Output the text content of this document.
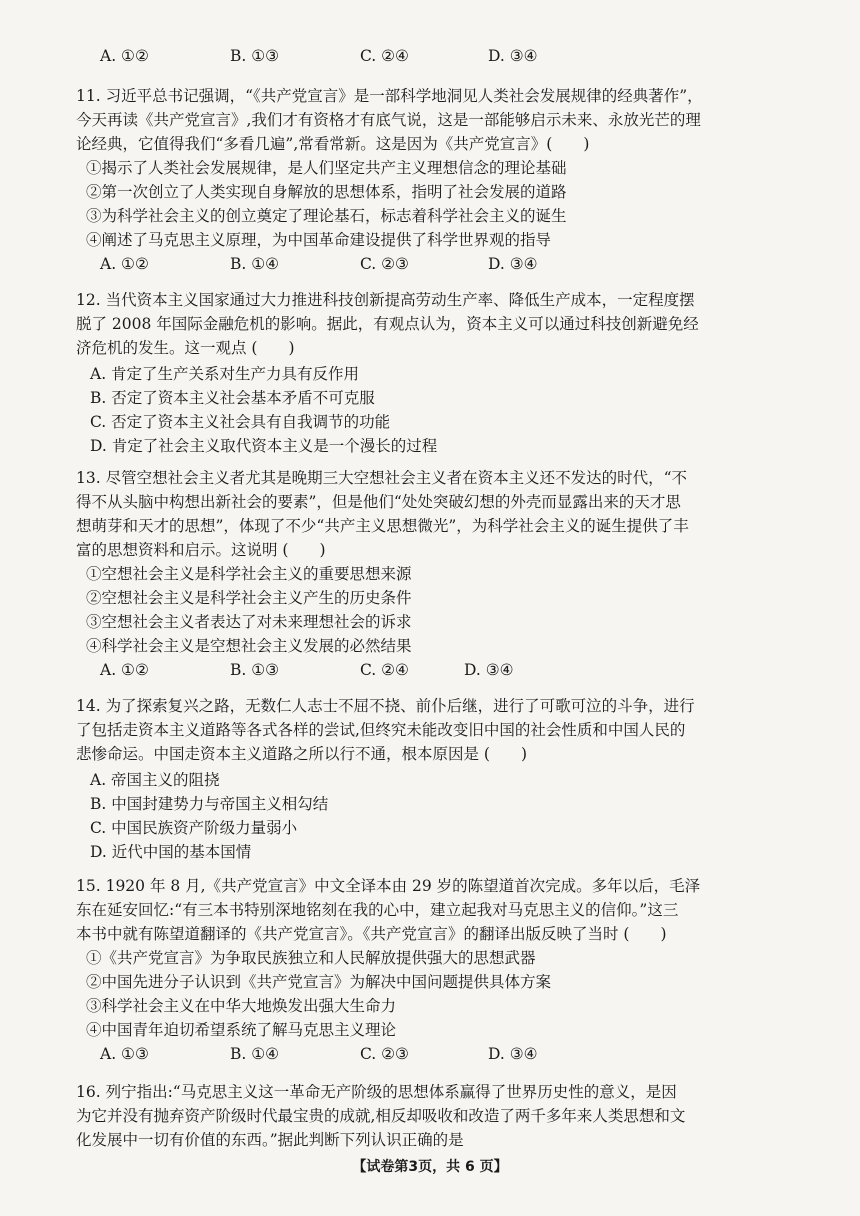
A. ①②	B. ①③	C. ②④	D. ③④
11. 习近平总书记强调，“《共产党宣言》是一部科学地洞见人类社会发展规律的经典著作”，
今天再读《共产党宣言》,我们才有资格才有底气说，这是一部能够启示未来、永放光芒的理
论经典，它值得我们“多看几遍”,常看常新。这是因为《共产党宣言》(　　)
①揭示了人类社会发展规律，是人们坚定共产主义理想信念的理论基础
②第一次创立了人类实现自身解放的思想体系，指明了社会发展的道路
③为科学社会主义的创立奠定了理论基石，标志着科学社会主义的诞生
④阐述了马克思主义原理，为中国革命建设提供了科学世界观的指导
A. ①②	B. ①④	C. ②③	D. ③④
12. 当代资本主义国家通过大力推进科技创新提高劳动生产率、降低生产成本，一定程度摆
脱了 2008 年国际金融危机的影响。据此，有观点认为，资本主义可以通过科技创新避免经
济危机的发生。这一观点 (　　)
A. 肯定了生产关系对生产力具有反作用
B. 否定了资本主义社会基本矛盾不可克服
C. 否定了资本主义社会具有自我调节的功能
D. 肯定了社会主义取代资本主义是一个漫长的过程
13. 尽管空想社会主义者尤其是晚期三大空想社会主义者在资本主义还不发达的时代，“不
得不从头脑中构想出新社会的要素”，但是他们“处处突破幻想的外壳而显露出来的天才思
想萌芽和天才的思想”，体现了不少“共产主义思想微光”，为科学社会主义的诞生提供了丰
富的思想资料和启示。这说明 (　　)
①空想社会主义是科学社会主义的重要思想来源
②空想社会主义是科学社会主义产生的历史条件
③空想社会主义者表达了对未来理想社会的诉求
④科学社会主义是空想社会主义发展的必然结果
A. ①②	B. ①③	C. ②④	D. ③④
14. 为了探索复兴之路，无数仁人志士不屈不挠、前仆后继，进行了可歌可泣的斗争，进行
了包括走资本主义道路等各式各样的尝试,但终究未能改变旧中国的社会性质和中国人民的
悲惨命运。中国走资本主义道路之所以行不通，根本原因是 (　　)
A. 帝国主义的阻挠
B. 中国封建势力与帝国主义相勾结
C. 中国民族资产阶级力量弱小
D. 近代中国的基本国情
15. 1920 年 8 月,《共产党宣言》中文全译本由 29 岁的陈望道首次完成。多年以后，毛泽
东在延安回忆:“有三本书特别深地铭刻在我的心中，建立起我对马克思主义的信仰。”这三
本书中就有陈望道翻译的《共产党宣言》。《共产党宣言》的翻译出版反映了当时 (　　)
①《共产党宣言》为争取民族独立和人民解放提供强大的思想武器
②中国先进分子认识到《共产党宣言》为解决中国问题提供具体方案
③科学社会主义在中华大地焕发出强大生命力
④中国青年迫切希望系统了解马克思主义理论
A. ①③	B. ①④	C. ②③	D. ③④
16. 列宁指出:“马克思主义这一革命无产阶级的思想体系赢得了世界历史性的意义，是因
为它并没有抛弃资产阶级时代最宝贵的成就,相反却吸收和改造了两千多年来人类思想和文
化发展中一切有价值的东西。”据此判断下列认识正确的是
【试卷第3页，共 6 页】
